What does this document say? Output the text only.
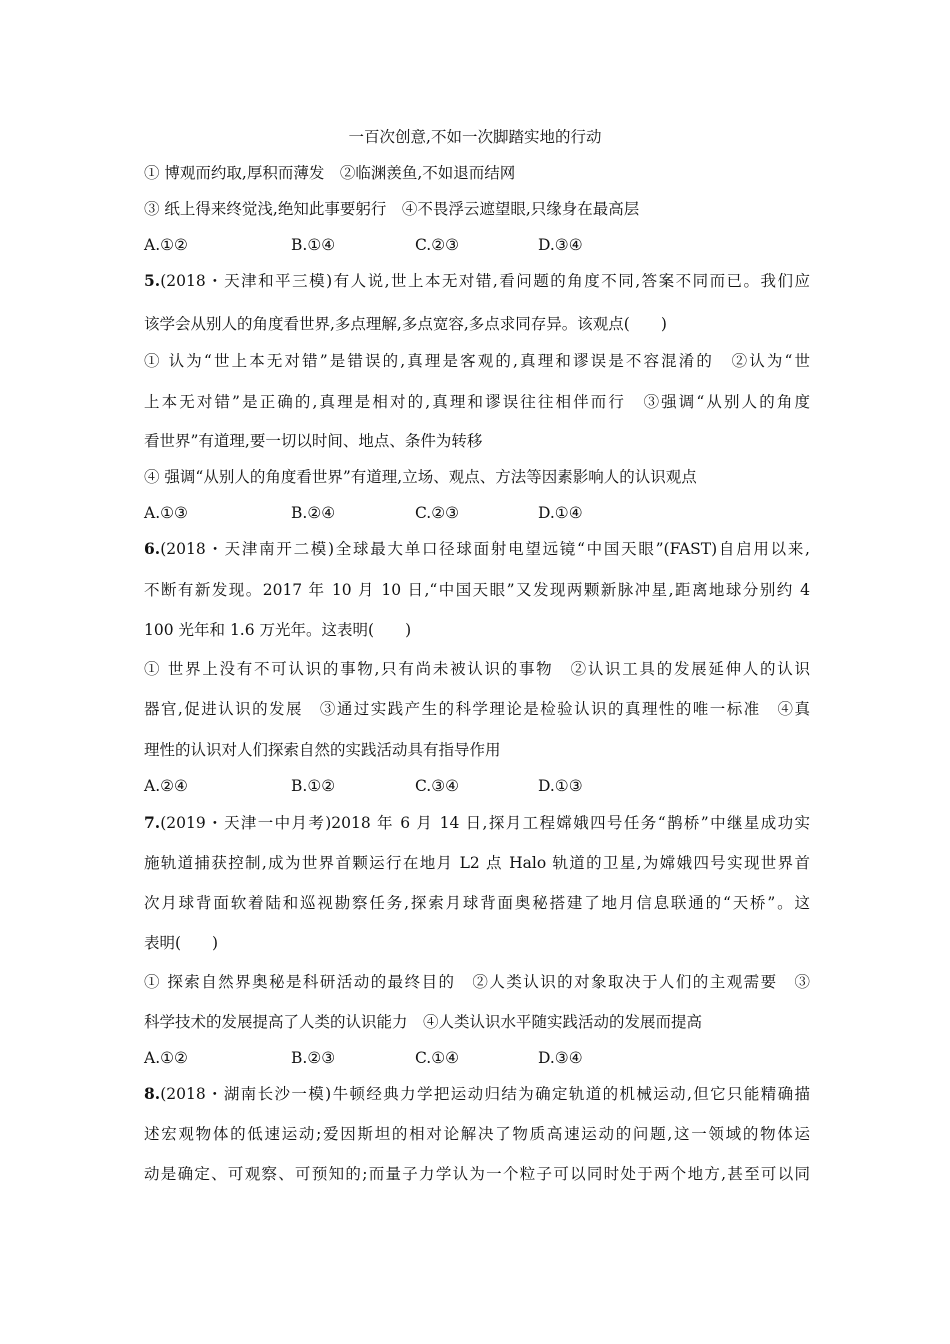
一百次创意,不如一次脚踏实地的行动
① 博观而约取,厚积而薄发　②临渊羡鱼,不如退而结网
③ 纸上得来终觉浅,绝知此事要躬行　④不畏浮云遮望眼,只缘身在最高层
A.①②	B.①④	C.②③	D.③④
5.(2018・天津和平三模)有人说,世上本无对错,看问题的角度不同,答案不同而已。我们应
该学会从别人的角度看世界,多点理解,多点宽容,多点求同存异。该观点(　　)
① 认为“世上本无对错”是错误的,真理是客观的,真理和谬误是不容混淆的　②认为“世
上本无对错”是正确的,真理是相对的,真理和谬误往往相伴而行　③强调“从别人的角度
看世界”有道理,要一切以时间、地点、条件为转移
④ 强调“从别人的角度看世界”有道理,立场、观点、方法等因素影响人的认识观点
A.①③	B.②④	C.②③	D.①④
6.(2018・天津南开二模)全球最大单口径球面射电望远镜“中国天眼”(FAST)自启用以来,
不断有新发现。2017 年 10 月 10 日,“中国天眼”又发现两颗新脉冲星,距离地球分别约 4
100 光年和 1.6 万光年。这表明(　　)
① 世界上没有不可认识的事物,只有尚未被认识的事物　②认识工具的发展延伸人的认识
器官,促进认识的发展　③通过实践产生的科学理论是检验认识的真理性的唯一标准　④真
理性的认识对人们探索自然的实践活动具有指导作用
A.②④	B.①②	C.③④	D.①③
7.(2019・天津一中月考)2018 年 6 月 14 日,探月工程嫦娥四号任务“鹊桥”中继星成功实
施轨道捕获控制,成为世界首颗运行在地月 L2 点 Halo 轨道的卫星,为嫦娥四号实现世界首
次月球背面软着陆和巡视勘察任务,探索月球背面奥秘搭建了地月信息联通的“天桥”。这
表明(　　)
① 探索自然界奥秘是科研活动的最终目的　②人类认识的对象取决于人们的主观需要　③
科学技术的发展提高了人类的认识能力　④人类认识水平随实践活动的发展而提高
A.①②	B.②③	C.①④	D.③④
8.(2018・湖南长沙一模)牛顿经典力学把运动归结为确定轨道的机械运动,但它只能精确描
述宏观物体的低速运动;爱因斯坦的相对论解决了物质高速运动的问题,这一领域的物体运
动是确定、可观察、可预知的;而量子力学认为一个粒子可以同时处于两个地方,甚至可以同
